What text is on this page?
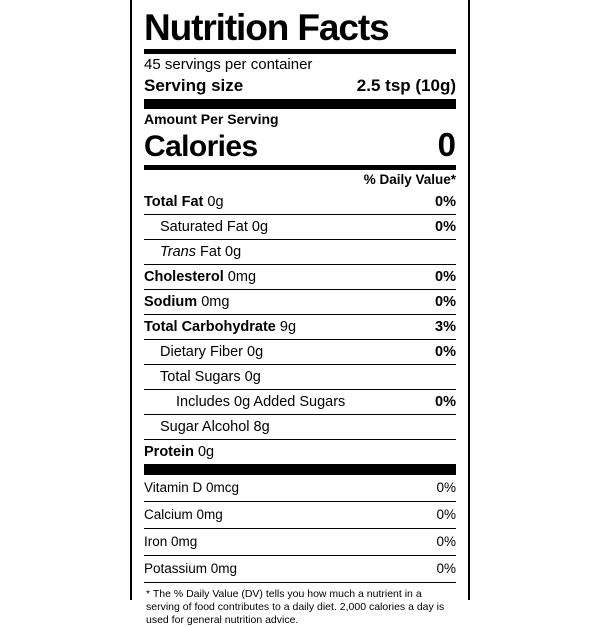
Nutrition Facts
45 servings per container
Serving size	2.5 tsp (10g)
Amount Per Serving
Calories	0
% Daily Value*
Total Fat 0g	0%
Saturated Fat 0g	0%
Trans Fat 0g
Cholesterol 0mg	0%
Sodium 0mg	0%
Total Carbohydrate 9g	3%
Dietary Fiber 0g	0%
Total Sugars 0g
Includes 0g Added Sugars	0%
Sugar Alcohol 8g
Protein 0g
Vitamin D 0mcg	0%
Calcium 0mg	0%
Iron 0mg	0%
Potassium 0mg	0%
* The % Daily Value (DV) tells you how much a nutrient in a
serving of food contributes to a daily diet. 2,000 calories a day is
used for general nutrition advice.
